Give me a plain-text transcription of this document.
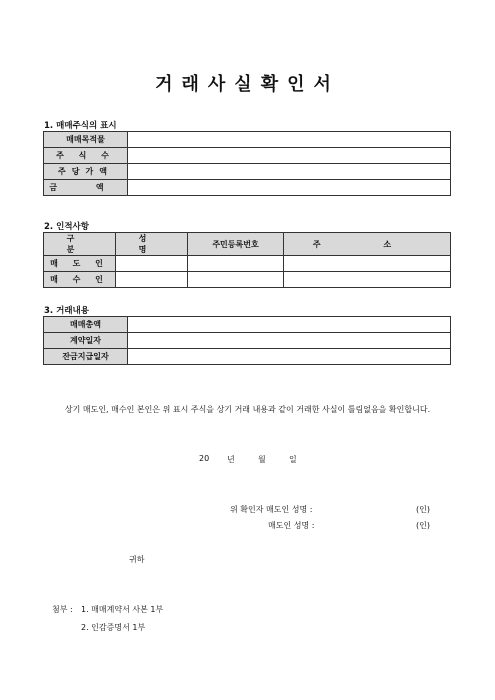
거래사실확인서
1. 매매주식의 표시
매매목적물	
주 식 수	
주당가액	
금 액	
2. 인적사항
구 분	성 명	주민등록번호	주 소
매 도 인			
매 수 인			
3. 거래내용
매매총액	
계약일자	
잔금지급일자	
상기 매도인, 매수인 본인은 위 표시 주식을 상기 거래 내용과 같이 거래한 사실이 틀림없음을 확인합니다.
20 년	월	일
위 확인자 매도인 성명 :	(인)
매도인 성명 :	(인)
귀하
첨부 : 1. 매매계약서 사본 1부
2. 인감증명서 1부
